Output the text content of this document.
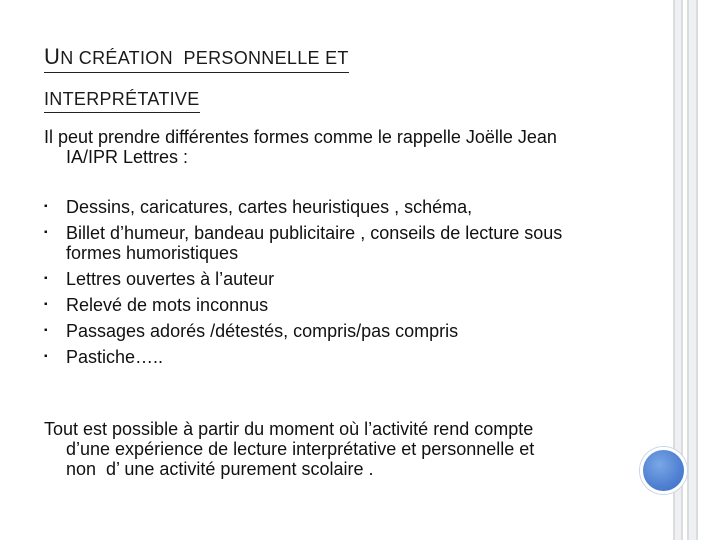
UN CRÉATION  PERSONNELLE ET
INTERPRÉTATIVE
Il peut prendre différentes formes comme le rappelle Joëlle Jean
IA/IPR Lettres :
▪ Dessins, caricatures, cartes heuristiques , schéma,
▪ Billet d’humeur, bandeau publicitaire , conseils de lecture sous
formes humoristiques
▪ Lettres ouvertes à l’auteur
▪ Relevé de mots inconnus
▪ Passages adorés /détestés, compris/pas compris
▪ Pastiche…..
Tout est possible à partir du moment où l’activité rend compte
d’une expérience de lecture interprétative et personnelle et
non  d’ une activité purement scolaire .
